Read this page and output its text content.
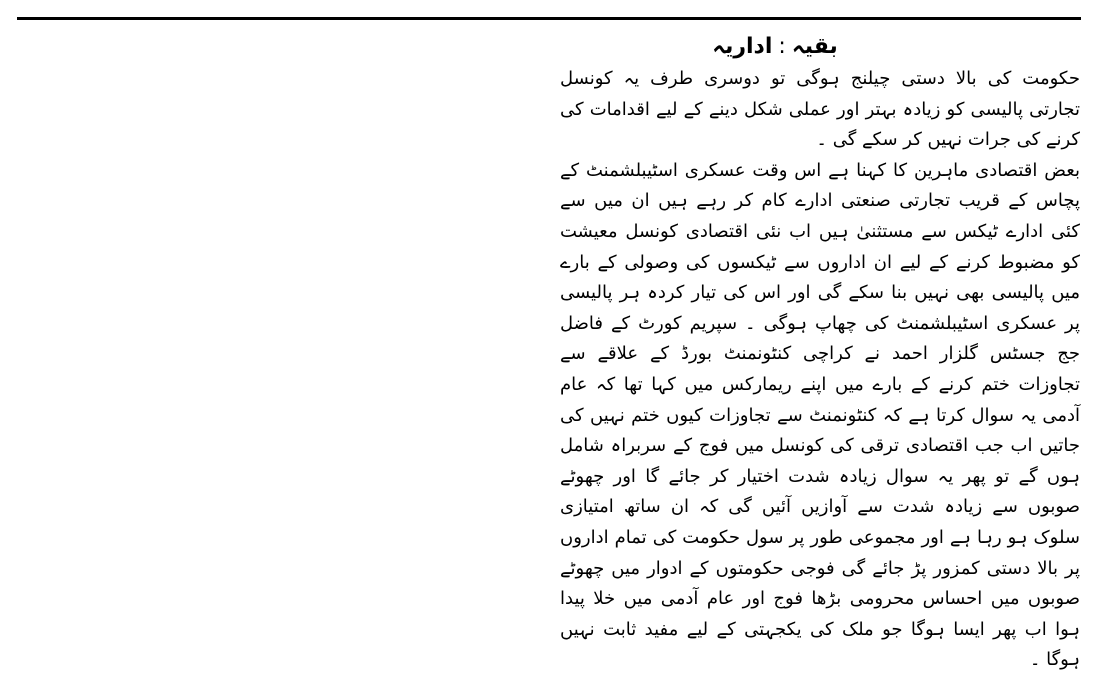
بقیہ:اداریہ

حکومت کی بالا دستی چیلنج ہوگی تو دوسری طرف یہ کونسل تجارتی پالیسی کو زیادہ بہتر اور عملی شکل دینے کے لیے اقدامات کی کرنے کی جرات نہیں کر سکے گی ۔

بعض اقتصادی ماہرین کا کہنا ہے اس وقت عسکری اسٹیبلشمنٹ کے پچاس کے قریب تجارتی صنعتی ادارے کام کر رہے ہیں ان میں سے کئی ادارے ٹیکس سے مستثنیٰ ہیں اب نئی اقتصادی کونسل معیشت کو مضبوط کرنے کے لیے ان اداروں سے ٹیکسوں کی وصولی کے بارے میں پالیسی بھی نہیں بنا سکے گی اور اس کی تیار کردہ ہر پالیسی پر عسکری اسٹیبلشمنٹ کی چھاپ ہوگی ۔ سپریم کورٹ کے فاضل جج جسٹس گلزار احمد نے کراچی کنٹونمنٹ بورڈ کے علاقے سے تجاوزات ختم کرنے کے بارے میں اپنے ریمارکس میں کہا تھا کہ عام آدمی یہ سوال کرتا ہے کہ کنٹونمنٹ سے تجاوزات کیوں ختم نہیں کی جاتیں اب جب اقتصادی ترقی کی کونسل میں فوج کے سربراہ شامل ہوں گے تو پھر یہ سوال زیادہ شدت اختیار کر جائے گا اور چھوٹے صوبوں سے زیادہ شدت سے آوازیں آئیں گی کہ ان ساتھ امتیازی سلوک ہو رہا ہے اور مجموعی طور پر سول حکومت کی تمام اداروں پر بالا دستی کمزور پڑ جائے گی فوجی حکومتوں کے ادوار میں چھوٹے صوبوں میں احساس محرومی بڑھا فوج اور عام آدمی میں خلا پیدا ہوا اب پھر ایسا ہوگا جو ملک کی یکجہتی کے لیے مفید ثابت نہیں ہوگا ۔
